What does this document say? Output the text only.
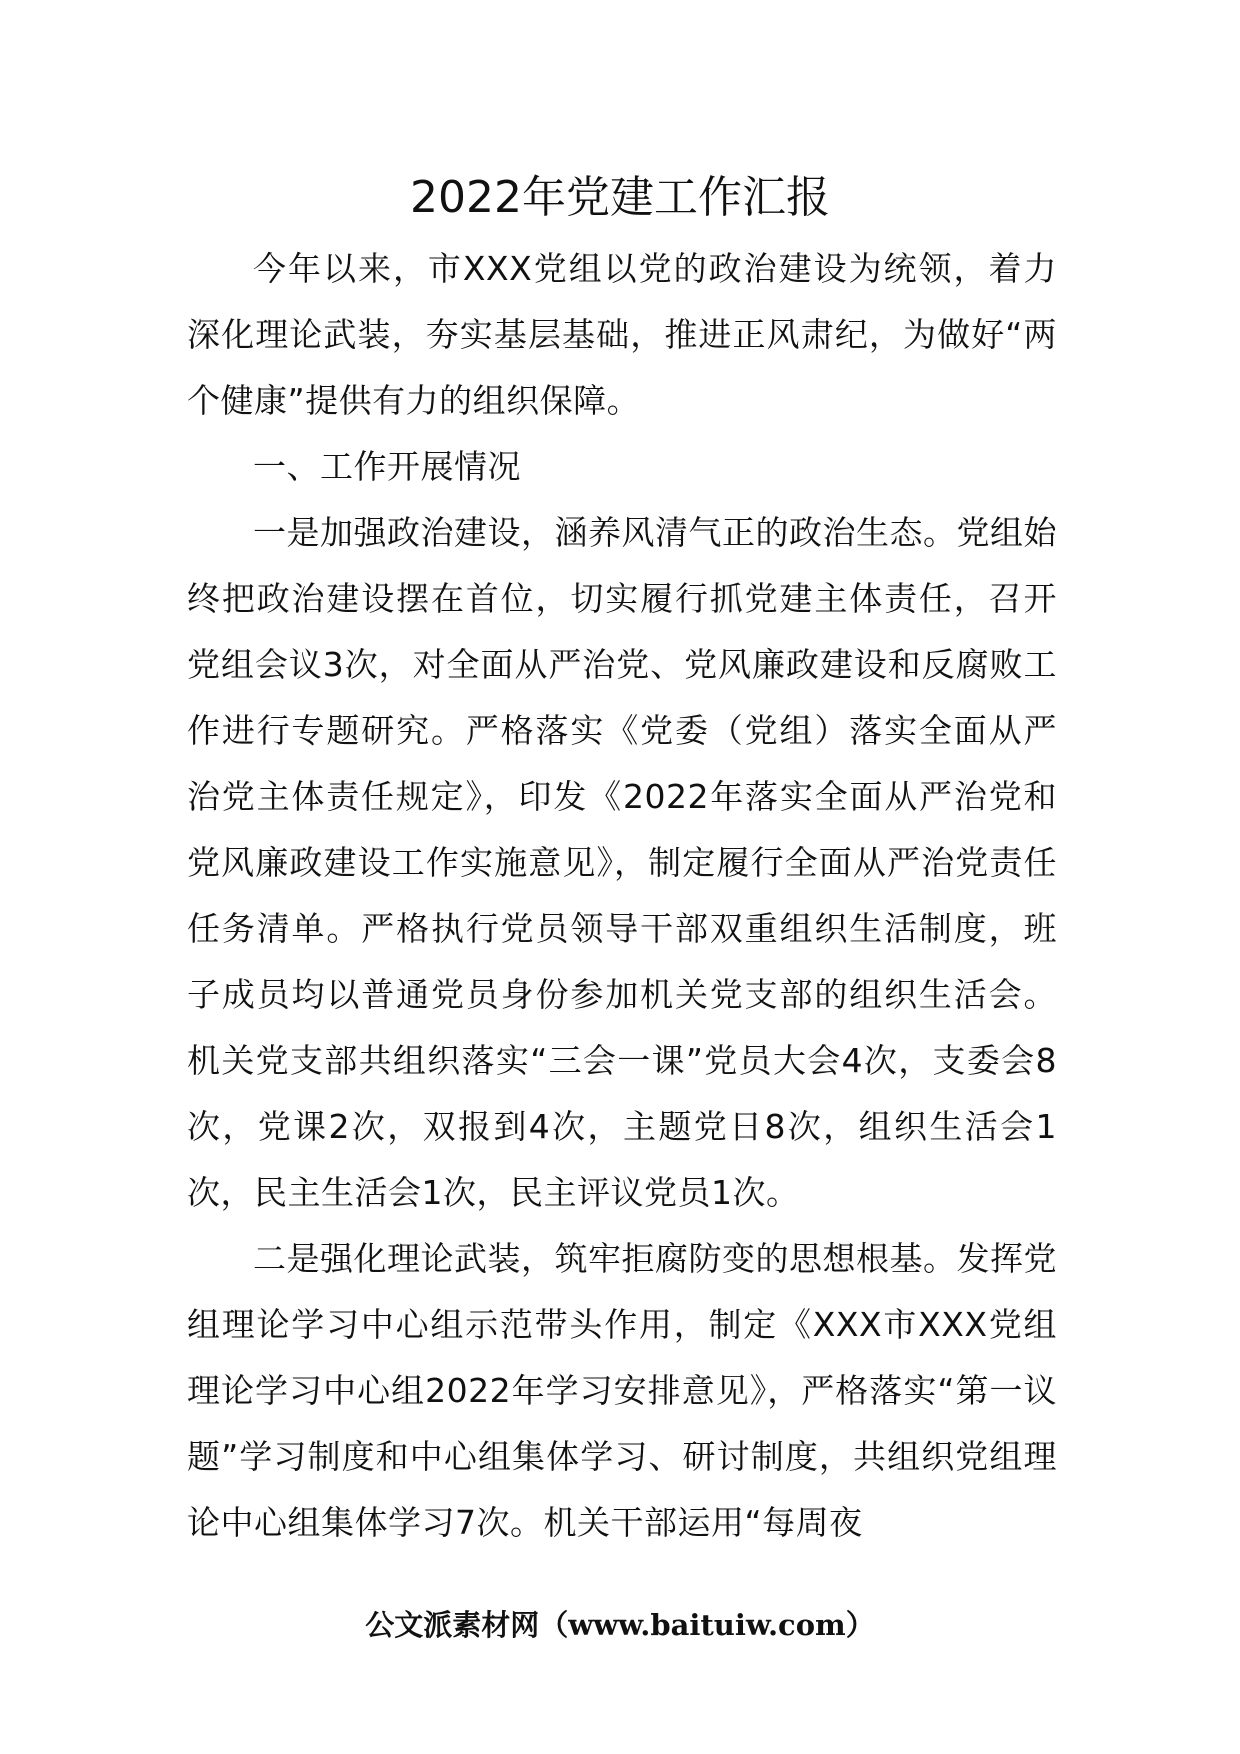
2022年党建工作汇报

今年以来，市XXX党组以党的政治建设为统领，着力深化理论武装，夯实基层基础，推进正风肃纪，为做好“两个健康”提供有力的组织保障。

一、工作开展情况

一是加强政治建设，涵养风清气正的政治生态。党组始终把政治建设摆在首位，切实履行抓党建主体责任，召开党组会议3次，对全面从严治党、党风廉政建设和反腐败工作进行专题研究。严格落实《党委（党组）落实全面从严治党主体责任规定》，印发《2022年落实全面从严治党和党风廉政建设工作实施意见》，制定履行全面从严治党责任任务清单。严格执行党员领导干部双重组织生活制度，班子成员均以普通党员身份参加机关党支部的组织生活会。机关党支部共组织落实“三会一课”党员大会4次，支委会8次，党课2次，双报到4次，主题党日8次，组织生活会1次，民主生活会1次，民主评议党员1次。

二是强化理论武装，筑牢拒腐防变的思想根基。发挥党组理论学习中心组示范带头作用，制定《XXX市XXX党组理论学习中心组2022年学习安排意见》，严格落实“第一议题”学习制度和中心组集体学习、研讨制度，共组织党组理论中心组集体学习7次。机关干部运用“每周夜

公文派素材网（www.baituiw.com）
